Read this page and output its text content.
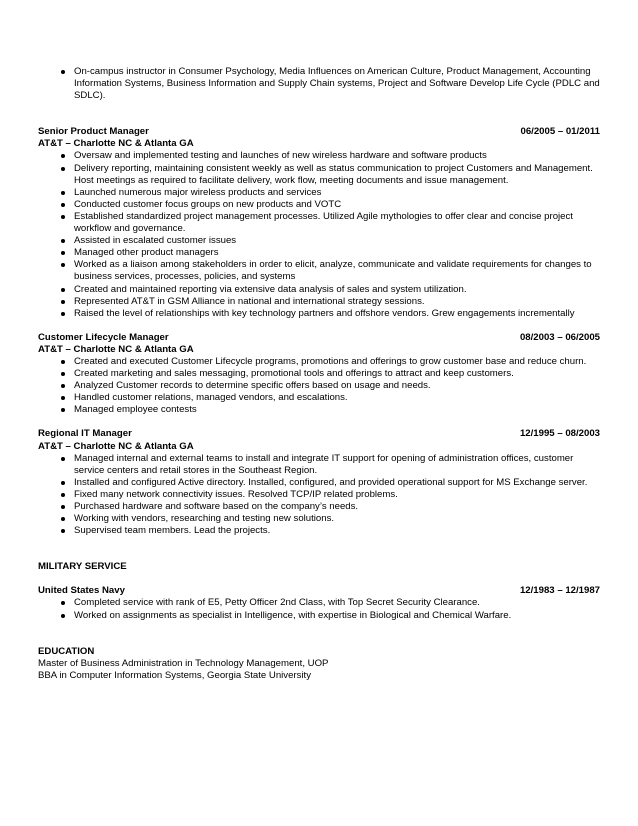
On-campus instructor in Consumer Psychology, Media Influences on American Culture, Product Management, Accounting Information Systems, Business Information and Supply Chain systems, Project and Software Develop Life Cycle (PDLC and SDLC).
Senior Product Manager	06/2005 – 01/2011
AT&T – Charlotte NC & Atlanta GA
Oversaw and implemented testing and launches of new wireless hardware and software products
Delivery reporting, maintaining consistent weekly as well as status communication to project Customers and Management. Host meetings as required to facilitate delivery, work flow, meeting documents and issue management.
Launched numerous major wireless products and services
Conducted customer focus groups on new products and VOTC
Established standardized project management processes. Utilized Agile mythologies to offer clear and concise project workflow and governance.
Assisted in escalated customer issues
Managed other product managers
Worked as a liaison among stakeholders in order to elicit, analyze, communicate and validate requirements for changes to business services, processes, policies, and systems
Created and maintained reporting via extensive data analysis of sales and system utilization.
Represented AT&T in GSM Alliance in national and international strategy sessions.
Raised the level of relationships with key technology partners and offshore vendors. Grew engagements incrementally
Customer Lifecycle Manager	08/2003 – 06/2005
AT&T – Charlotte NC & Atlanta GA
Created and executed Customer Lifecycle programs, promotions and offerings to grow customer base and reduce churn.
Created marketing and sales messaging, promotional tools and offerings to attract and keep customers.
Analyzed Customer records to determine specific offers based on usage and needs.
Handled customer relations, managed vendors, and escalations.
Managed employee contests
Regional IT Manager	12/1995 – 08/2003
AT&T – Charlotte NC & Atlanta GA
Managed internal and external teams to install and integrate IT support for opening of administration offices, customer service centers and retail stores in the Southeast Region.
Installed and configured Active directory. Installed, configured, and provided operational support for MS Exchange server.
Fixed many network connectivity issues. Resolved TCP/IP related problems.
Purchased hardware and software based on the company’s needs.
Working with vendors, researching and testing new solutions.
Supervised team members. Lead the projects.
MILITARY SERVICE
United States Navy	12/1983 – 12/1987
Completed service with rank of E5, Petty Officer 2nd Class, with Top Secret Security Clearance.
Worked on assignments as specialist in Intelligence, with expertise in Biological and Chemical Warfare.
EDUCATION
Master of Business Administration in Technology Management, UOP
BBA in Computer Information Systems, Georgia State University
